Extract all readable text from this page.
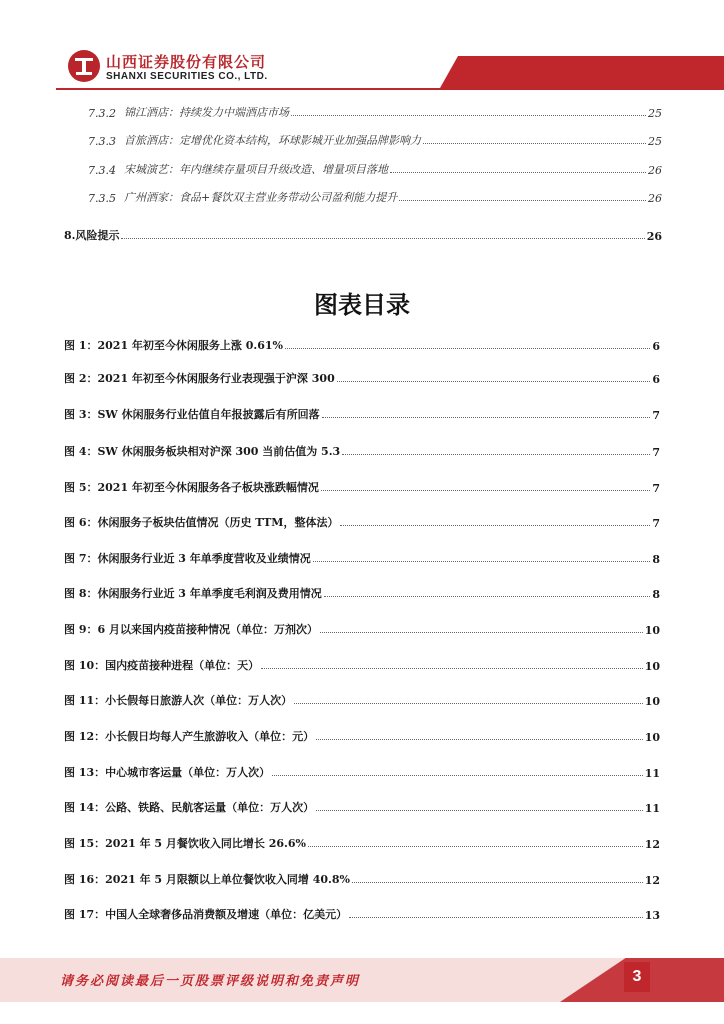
山西证券股份有限公司
SHANXI SECURITIES CO., LTD.
证券研究报告：行业研究/深度报告
7.3.2 锦江酒店：持续发力中端酒店市场	25
7.3.3 首旅酒店：定增优化资本结构，环球影城开业加强品牌影响力	25
7.3.4 宋城演艺：年内继续存量项目升级改造、增量项目落地	26
7.3.5 广州酒家：食品+餐饮双主营业务带动公司盈利能力提升	26
8.风险提示	26
图表目录
图 1：2021 年初至今休闲服务上涨 0.61%	6
图 2：2021 年初至今休闲服务行业表现强于沪深 300	6
图 3：SW 休闲服务行业估值自年报披露后有所回落	7
图 4：SW 休闲服务板块相对沪深 300 当前估值为 5.3	7
图 5：2021 年初至今休闲服务各子板块涨跌幅情况	7
图 6：休闲服务子板块估值情况（历史 TTM，整体法）	7
图 7：休闲服务行业近 3 年单季度营收及业绩情况	8
图 8：休闲服务行业近 3 年单季度毛利润及费用情况	8
图 9：6 月以来国内疫苗接种情况（单位：万剂次）	10
图 10：国内疫苗接种进程（单位：天）	10
图 11：小长假每日旅游人次（单位：万人次）	10
图 12：小长假日均每人产生旅游收入（单位：元）	10
图 13：中心城市客运量（单位：万人次）	11
图 14：公路、铁路、民航客运量（单位：万人次）	11
图 15：2021 年 5 月餐饮收入同比增长 26.6%	12
图 16：2021 年 5 月限额以上单位餐饮收入同增 40.8%	12
图 17：中国人全球奢侈品消费额及增速（单位：亿美元）	13
请务必阅读最后一页股票评级说明和免责声明	3
